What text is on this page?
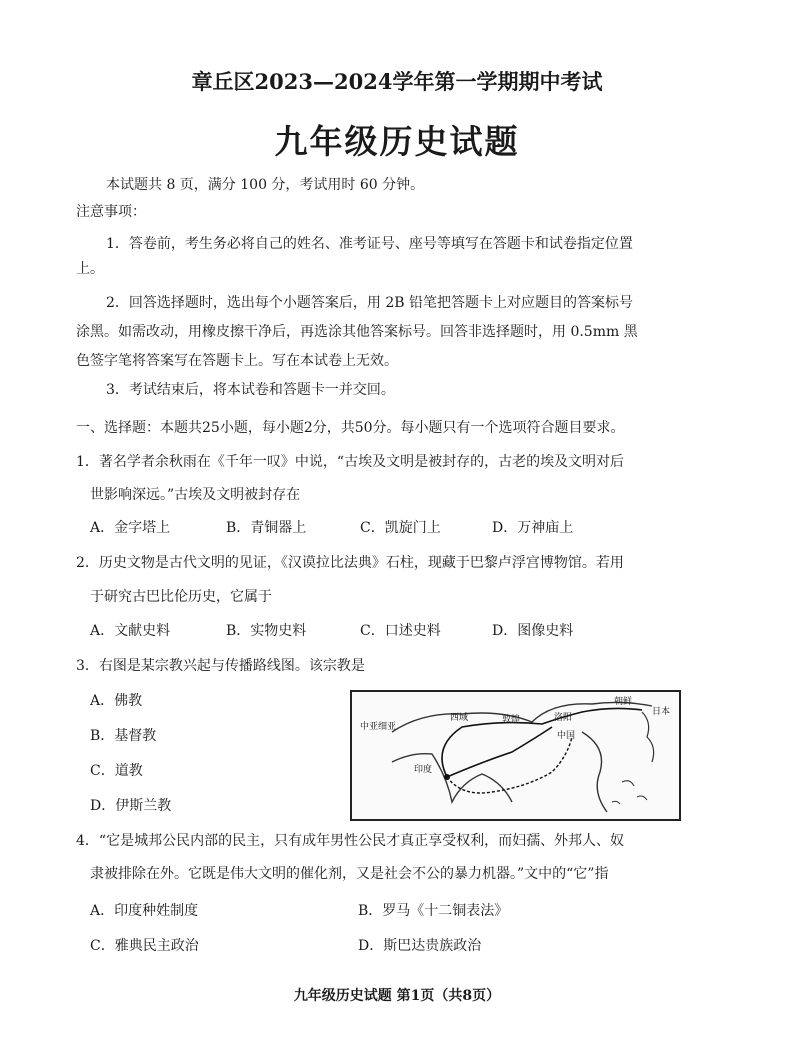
章丘区2023—2024学年第一学期期中考试
九年级历史试题
本试题共 8 页，满分 100 分，考试用时 60 分钟。
注意事项：
1．答卷前，考生务必将自己的姓名、准考证号、座号等填写在答题卡和试卷指定位置
上。
2．回答选择题时，选出每个小题答案后，用 2B 铅笔把答题卡上对应题目的答案标号
涂黑。如需改动，用橡皮擦干净后，再选涂其他答案标号。回答非选择题时，用 0.5mm 黑
色签字笔将答案写在答题卡上。写在本试卷上无效。
3．考试结束后，将本试卷和答题卡一并交回。
一、选择题：本题共25小题，每小题2分，共50分。每小题只有一个选项符合题目要求。
1．著名学者余秋雨在《千年一叹》中说，“古埃及文明是被封存的，古老的埃及文明对后
世影响深远。”古埃及文明被封存在
A．金字塔上	B．青铜器上	C．凯旋门上	D．万神庙上
2．历史文物是古代文明的见证，《汉谟拉比法典》石柱，现藏于巴黎卢浮宫博物馆。若用
于研究古巴比伦历史，它属于
A．文献史料	B．实物史料	C．口述史料	D．图像史料
3．右图是某宗教兴起与传播路线图。该宗教是
A．佛教
B．基督教
C．道教
D．伊斯兰教
中亚细亚
西域	敦煌	洛阳
中国
印度
朝鲜
日本
4．“它是城邦公民内部的民主，只有成年男性公民才真正享受权利，而妇孺、外邦人、奴
隶被排除在外。它既是伟大文明的催化剂，又是社会不公的暴力机器。”文中的“它”指
A．印度种姓制度	B．罗马《十二铜表法》
C．雅典民主政治	D．斯巴达贵族政治
九年级历史试题 第1页（共8页）
